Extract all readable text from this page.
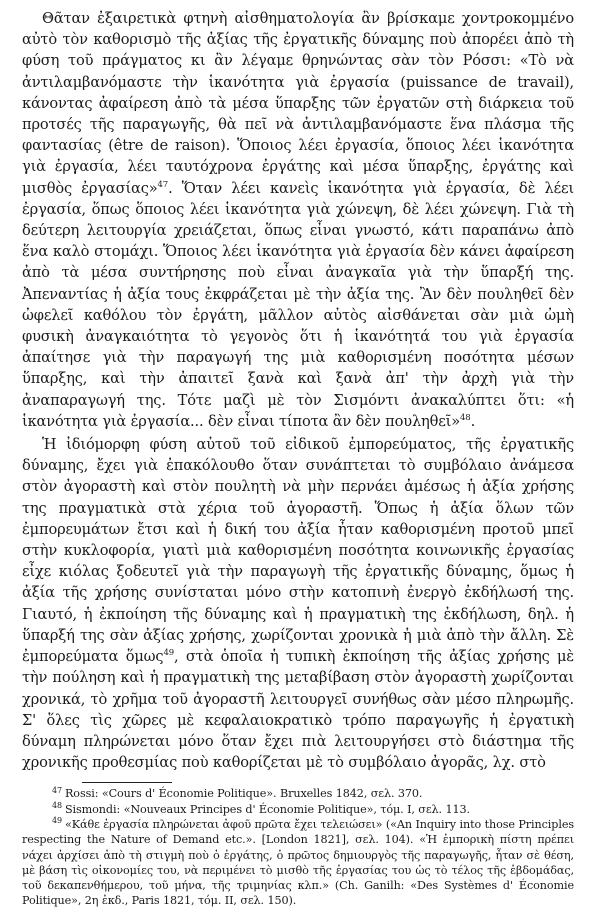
Θᾶταν ἐξαιρετικὰ φτηνὴ αἰσθηματολογία ἂν βρίσκαμε χοντροκομμένο αὐτὸ τὸν καθορισμὸ τῆς ἀξίας τῆς ἐργατικῆς δύναμης ποὺ ἀπορέει ἀπὸ τὴ φύση τοῦ πράγματος κι ἂν λέγαμε θρηνώντας σὰν τὸν Ρόσσι: «Τὸ νὰ ἀντιλαμβανόμαστε τὴν ἱκανότητα γιὰ ἐργασία (puissance de travail), κάνοντας ἀφαίρεση ἀπὸ τὰ μέσα ὕπαρξης τῶν ἐργατῶν στὴ διάρκεια τοῦ προτσές τῆς παραγωγῆς, θὰ πεῖ νὰ ἀντιλαμβανόμαστε ἕνα πλάσμα τῆς φαντασίας (être de raison). Ὅποιος λέει ἐργασία, ὅποιος λέει ἱκανότητα γιὰ ἐργασία, λέει ταυτόχρονα ἐργάτης καὶ μέσα ὕπαρξης, ἐργάτης καὶ μισθὸς ἐργασίας»$^{47}$. Ὅταν λέει κανεὶς ἱκανότητα γιὰ ἐργασία, δὲ λέει ἐργασία, ὅπως ὅποιος λέει ἱκανότητα γιὰ χώνεψη, δὲ λέει χώνεψη. Γιὰ τὴ δεύτερη λειτουργία χρειάζεται, ὅπως εἶναι γνωστό, κάτι παραπάνω ἀπὸ ἕνα καλὸ στομάχι. Ὅποιος λέει ἱκανότητα γιὰ ἐργασία δὲν κάνει ἀφαίρεση ἀπὸ τὰ μέσα συντήρησης ποὺ εἶναι ἀναγκαῖα γιὰ τὴν ὕπαρξή της. Ἀπεναντίας ἡ ἀξία τους ἐκφράζεται μὲ τὴν ἀξία της. Ἂν δὲν πουληθεῖ δὲν ὠφελεῖ καθόλου τὸν ἐργάτη, μᾶλλον αὐτὸς αἰσθάνεται σὰν μιὰ ὠμὴ φυσικὴ ἀναγκαιότητα τὸ γεγονὸς ὅτι ἡ ἱκανότητά του γιὰ ἐργασία ἀπαίτησε γιὰ τὴν παραγωγή της μιὰ καθορισμένη ποσότητα μέσων ὕπαρξης, καὶ τὴν ἀπαιτεῖ ξανὰ καὶ ξανὰ ἀπ' τὴν ἀρχὴ γιὰ τὴν ἀναπαραγωγή της. Τότε μαζὶ μὲ τὸν Σισμόντι ἀνακαλύπτει ὅτι: «ἡ ἱκανότητα γιὰ ἐργασία... δὲν εἶναι τίποτα ἂν δὲν πουληθεῖ»$^{48}$.

Ἡ ἰδιόμορφη φύση αὐτοῦ τοῦ εἰδικοῦ ἐμπορεύματος, τῆς ἐργατικῆς δύναμης, ἔχει γιὰ ἐπακόλουθο ὅταν συνάπτεται τὸ συμβόλαιο ἀνάμεσα στὸν ἀγοραστὴ καὶ στὸν πουλητὴ νὰ μὴν περνάει ἀμέσως ἡ ἀξία χρήσης της πραγματικὰ στὰ χέρια τοῦ ἀγοραστῆ. Ὅπως ἡ ἀξία ὅλων τῶν ἐμπορευμάτων ἔτσι καὶ ἡ δική του ἀξία ἦταν καθορισμένη προτοῦ μπεῖ στὴν κυκλοφορία, γιατὶ μιὰ καθορισμένη ποσότητα κοινωνικῆς ἐργασίας εἶχε κιόλας ξοδευτεῖ γιὰ τὴν παραγωγὴ τῆς ἐργατικῆς δύναμης, ὅμως ἡ ἀξία τῆς χρήσης συνίσταται μόνο στὴν κατοπινὴ ἐνεργὸ ἐκδήλωσή της. Γιαυτό, ἡ ἐκποίηση τῆς δύναμης καὶ ἡ πραγματικὴ της ἐκδήλωση, δηλ. ἡ ὕπαρξή της σὰν ἀξίας χρήσης, χωρίζονται χρονικὰ ἡ μιὰ ἀπὸ τὴν ἄλλη. Σὲ ἐμπορεύματα ὅμως$^{49}$, στὰ ὁποῖα ἡ τυπικὴ ἐκποίηση τῆς ἀξίας χρήσης μὲ τὴν πούληση καὶ ἡ πραγματικὴ της μεταβίβαση στὸν ἀγοραστὴ χωρίζονται χρονικά, τὸ χρῆμα τοῦ ἀγοραστῆ λειτουργεῖ συνήθως σὰν μέσο πληρωμῆς. Σ' ὅλες τὶς χῶρες μὲ κεφαλαιοκρατικὸ τρόπο παραγωγῆς ἡ ἐργατικὴ δύναμη πληρώνεται μόνο ὅταν ἔχει πιὰ λειτουργήσει στὸ διάστημα τῆς χρονικῆς προθεσμίας ποὺ καθορίζεται μὲ τὸ συμβόλαιο ἀγορᾶς, λχ. στὸ

$^{47}$ Rossi: «Cours d' Économie Politique». Bruxelles 1842, σελ. 370.

$^{48}$ Sismondi: «Nouveaux Principes d' Économie Politique», τόμ. I, σελ. 113.

$^{49}$ «Κάθε ἐργασία πληρώνεται ἀφοῦ πρῶτα ἔχει τελειώσει» («An Inquiry into those Principles respecting the Nature of Demand etc.». [London 1821], σελ. 104). «Ἡ ἐμπορικὴ πίστη πρέπει νάχει ἀρχίσει ἀπὸ τὴ στιγμὴ ποὺ ὁ ἐργάτης, ὁ πρῶτος δημιουργὸς τῆς παραγωγῆς, ἦταν σὲ θέση, μὲ βάση τὶς οἰκονομίες του, νὰ περιμένει τὸ μισθὸ τῆς ἐργασίας του ὡς τὸ τέλος τῆς ἑβδομάδας, τοῦ δεκαπενθήμερου, τοῦ μήνα, τῆς τριμηνίας κλπ.» (Ch. Ganilh: «Des Systèmes d' Économie Politique», 2η ἐκδ., Paris 1821, τόμ. II, σελ. 150).
